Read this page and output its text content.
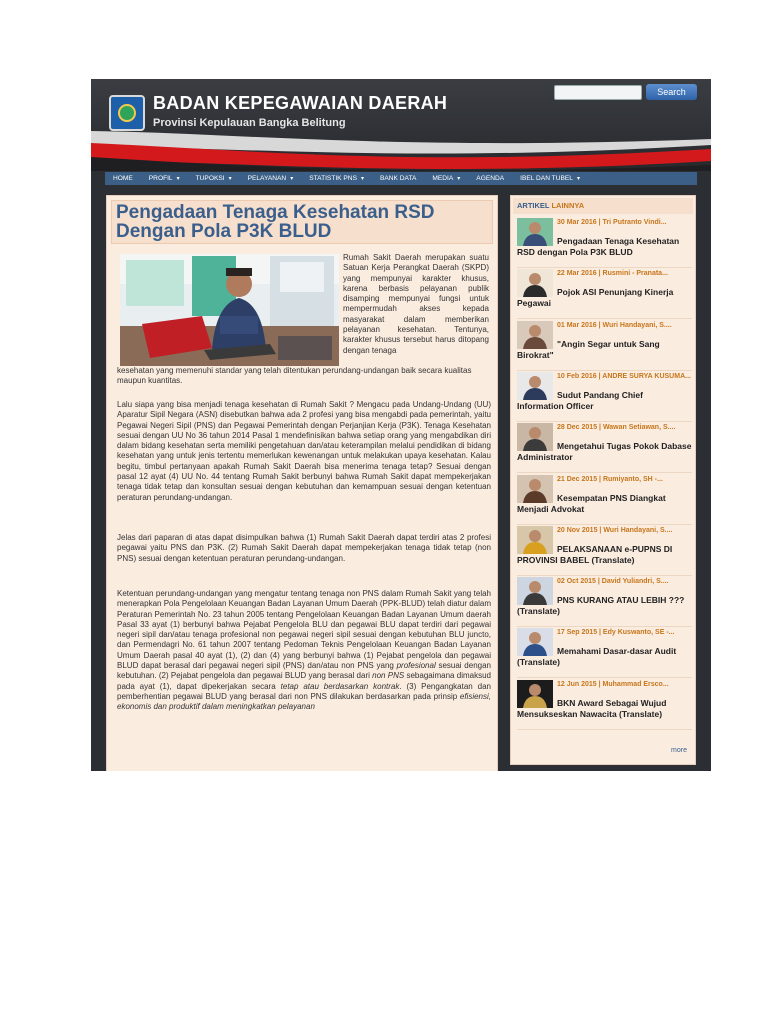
BADAN KEPEGAWAIAN DAERAH
Provinsi Kepulauan Bangka Belitung
Search
HOME PROFIL ▾ TUPOKSI ▾ PELAYANAN ▾ STATISTIK PNS ▾ BANK DATA MEDIA ▾ AGENDA IBEL DAN TUBEL ▾
Pengadaan Tenaga Kesehatan RSD Dengan Pola P3K BLUD
Rumah Sakit Daerah merupakan suatu Satuan Kerja Perangkat Daerah (SKPD) yang mempunyai karakter khusus, karena berbasis pelayanan publik disamping mempunyai fungsi untuk mempermudah akses kepada masyarakat dalam memberikan pelayanan kesehatan. Tentunya, karakter khusus tersebut harus ditopang dengan tenaga
kesehatan yang memenuhi standar yang telah ditentukan perundang-undangan baik secara kualitas maupun kuantitas.
Lalu siapa yang bisa menjadi tenaga kesehatan di Rumah Sakit ? Mengacu pada Undang-Undang (UU) Aparatur Sipil Negara (ASN) disebutkan bahwa ada 2 profesi yang bisa mengabdi pada pemerintah, yaitu Pegawai Negeri Sipil (PNS) dan Pegawai Pemerintah dengan Perjanjian Kerja (P3K). Tenaga Kesehatan sesuai dengan UU No 36 tahun 2014 Pasal 1 mendefinisikan bahwa setiap orang yang mengabdikan diri dalam bidang kesehatan serta memiliki pengetahuan dan/atau keterampilan melalui pendidikan di bidang kesehatan yang untuk jenis tertentu memerlukan kewenangan untuk melakukan upaya kesehatan. Kalau begitu, timbul pertanyaan apakah Rumah Sakit Daerah bisa menerima tenaga tetap? Sesuai dengan pasal 12 ayat (4) UU No. 44 tentang Rumah Sakit berbunyi bahwa Rumah Sakit dapat mempekerjakan tenaga tidak tetap dan konsultan sesuai dengan kebutuhan dan kemampuan sesuai dengan ketentuan peraturan perundang-undangan.
Jelas dari paparan di atas dapat disimpulkan bahwa (1) Rumah Sakit Daerah dapat terdiri atas 2 profesi pegawai yaitu PNS dan P3K. (2) Rumah Sakit Daerah dapat mempekerjakan tenaga tidak tetap (non PNS) sesuai dengan ketentuan peraturan perundang-undangan.
Ketentuan perundang-undangan yang mengatur tentang tenaga non PNS dalam Rumah Sakit yang telah menerapkan Pola Pengelolaan Keuangan Badan Layanan Umum Daerah (PPK-BLUD) telah diatur dalam Peraturan Pemerintah No. 23 tahun 2005 tentang Pengelolaan Keuangan Badan Layanan Umum daerah Pasal 33 ayat (1) berbunyi bahwa Pejabat Pengelola BLU dan pegawai BLU dapat terdiri dari pegawai negeri sipil dan/atau tenaga profesional non pegawai negeri sipil sesuai dengan kebutuhan BLU juncto, dan Permendagri No. 61 tahun 2007 tentang Pedoman Teknis Pengelolaan Keuangan Badan Layanan Umum Daerah pasal 40 ayat (1), (2) dan (4) yang berbunyi bahwa (1) Pejabat pengelola dan pegawai BLUD dapat berasal dari pegawai negeri sipil (PNS) dan/atau non PNS yang profesional sesuai dengan kebutuhan. (2) Pejabat pengelola dan pegawai BLUD yang berasal dari non PNS sebagaimana dimaksud pada ayat (1), dapat dipekerjakan secara tetap atau berdasarkan kontrak. (3) Pengangkatan dan pemberhentian pegawai BLUD yang berasal dari non PNS dilakukan berdasarkan pada prinsip efisiensi, ekonomis dan produktif dalam meningkatkan pelayanan
ARTIKEL LAINNYA
30 Mar 2016 | Tri Putranto Vindi...
Pengadaan Tenaga Kesehatan RSD dengan Pola P3K BLUD
22 Mar 2016 | Rusmini - Pranata...
Pojok ASI Penunjang Kinerja Pegawai
01 Mar 2016 | Wuri Handayani, S....
"Angin Segar untuk Sang Birokrat"
10 Feb 2016 | ANDRE SURYA KUSUMA...
Sudut Pandang Chief Information Officer
28 Dec 2015 | Wawan Setiawan, S....
Mengetahui Tugas Pokok Dabase Administrator
21 Dec 2015 | Rumiyanto, SH -...
Kesempatan PNS Diangkat Menjadi Advokat
20 Nov 2015 | Wuri Handayani, S....
PELAKSANAAN e-PUPNS DI PROVINSI BABEL (Translate)
02 Oct 2015 | David Yuliandri, S....
PNS KURANG ATAU LEBIH ??? (Translate)
17 Sep 2015 | Edy Kuswanto, SE -...
Memahami Dasar-dasar Audit (Translate)
12 Jun 2015 | Muhammad Ersco...
BKN Award Sebagai Wujud Mensukseskan Nawacita (Translate)
more
